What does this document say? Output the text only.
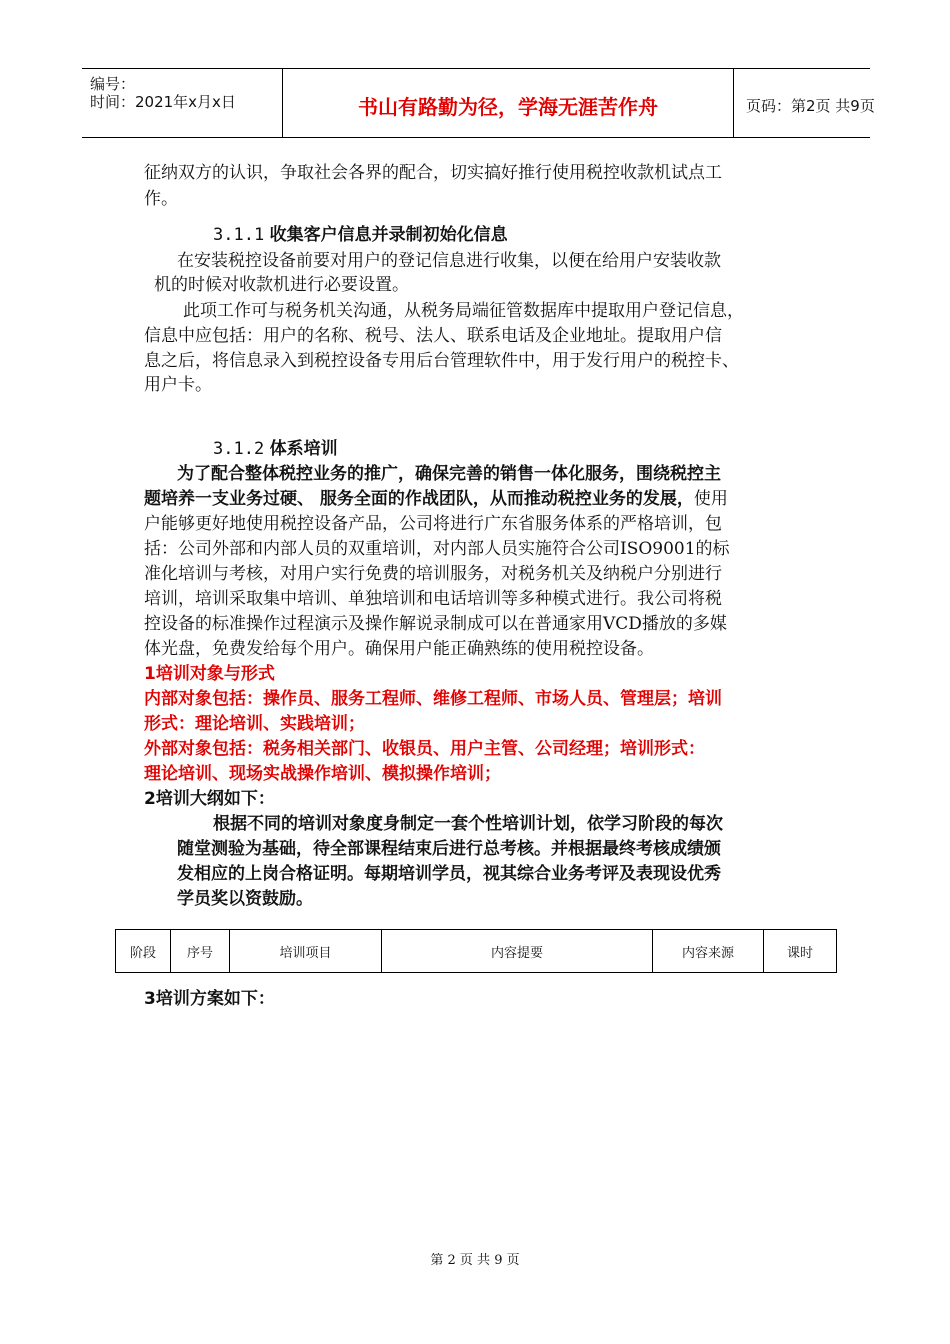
编号：
时间：2021年x月x日	书山有路勤为径，学海无涯苦作舟	页码：第2页 共9页
征纳双方的认识，争取社会各界的配合，切实搞好推行使用税控收款机试点工
作。
3.1.1 收集客户信息并录制初始化信息
在安装税控设备前要对用户的登记信息进行收集，以便在给用户安装收款
机的时候对收款机进行必要设置。
此项工作可与税务机关沟通，从税务局端征管数据库中提取用户登记信息，
信息中应包括：用户的名称、税号、法人、联系电话及企业地址。提取用户信
息之后，将信息录入到税控设备专用后台管理软件中，用于发行用户的税控卡、
用户卡。
3.1.2 体系培训
为了配合整体税控业务的推广，确保完善的销售一体化服务，围绕税控主
题培养一支业务过硬、 服务全面的作战团队，从而推动税控业务的发展，使用
户能够更好地使用税控设备产品，公司将进行广东省服务体系的严格培训，包
括：公司外部和内部人员的双重培训，对内部人员实施符合公司ISO9001的标
准化培训与考核，对用户实行免费的培训服务，对税务机关及纳税户分别进行
培训，培训采取集中培训、单独培训和电话培训等多种模式进行。我公司将税
控设备的标准操作过程演示及操作解说录制成可以在普通家用VCD播放的多媒
体光盘，免费发给每个用户。确保用户能正确熟练的使用税控设备。
1培训对象与形式
内部对象包括：操作员、服务工程师、维修工程师、市场人员、管理层；培训
形式：理论培训、实践培训；
外部对象包括：税务相关部门、收银员、用户主管、公司经理；培训形式：
理论培训、现场实战操作培训、模拟操作培训；
2培训大纲如下：
根据不同的培训对象度身制定一套个性培训计划，依学习阶段的每次
随堂测验为基础，待全部课程结束后进行总考核。并根据最终考核成绩颁
发相应的上岗合格证明。每期培训学员，视其综合业务考评及表现设优秀
学员奖以资鼓励。
阶段	序号	培训项目	内容提要	内容来源	课时
3培训方案如下：
第 2 页 共 9 页
